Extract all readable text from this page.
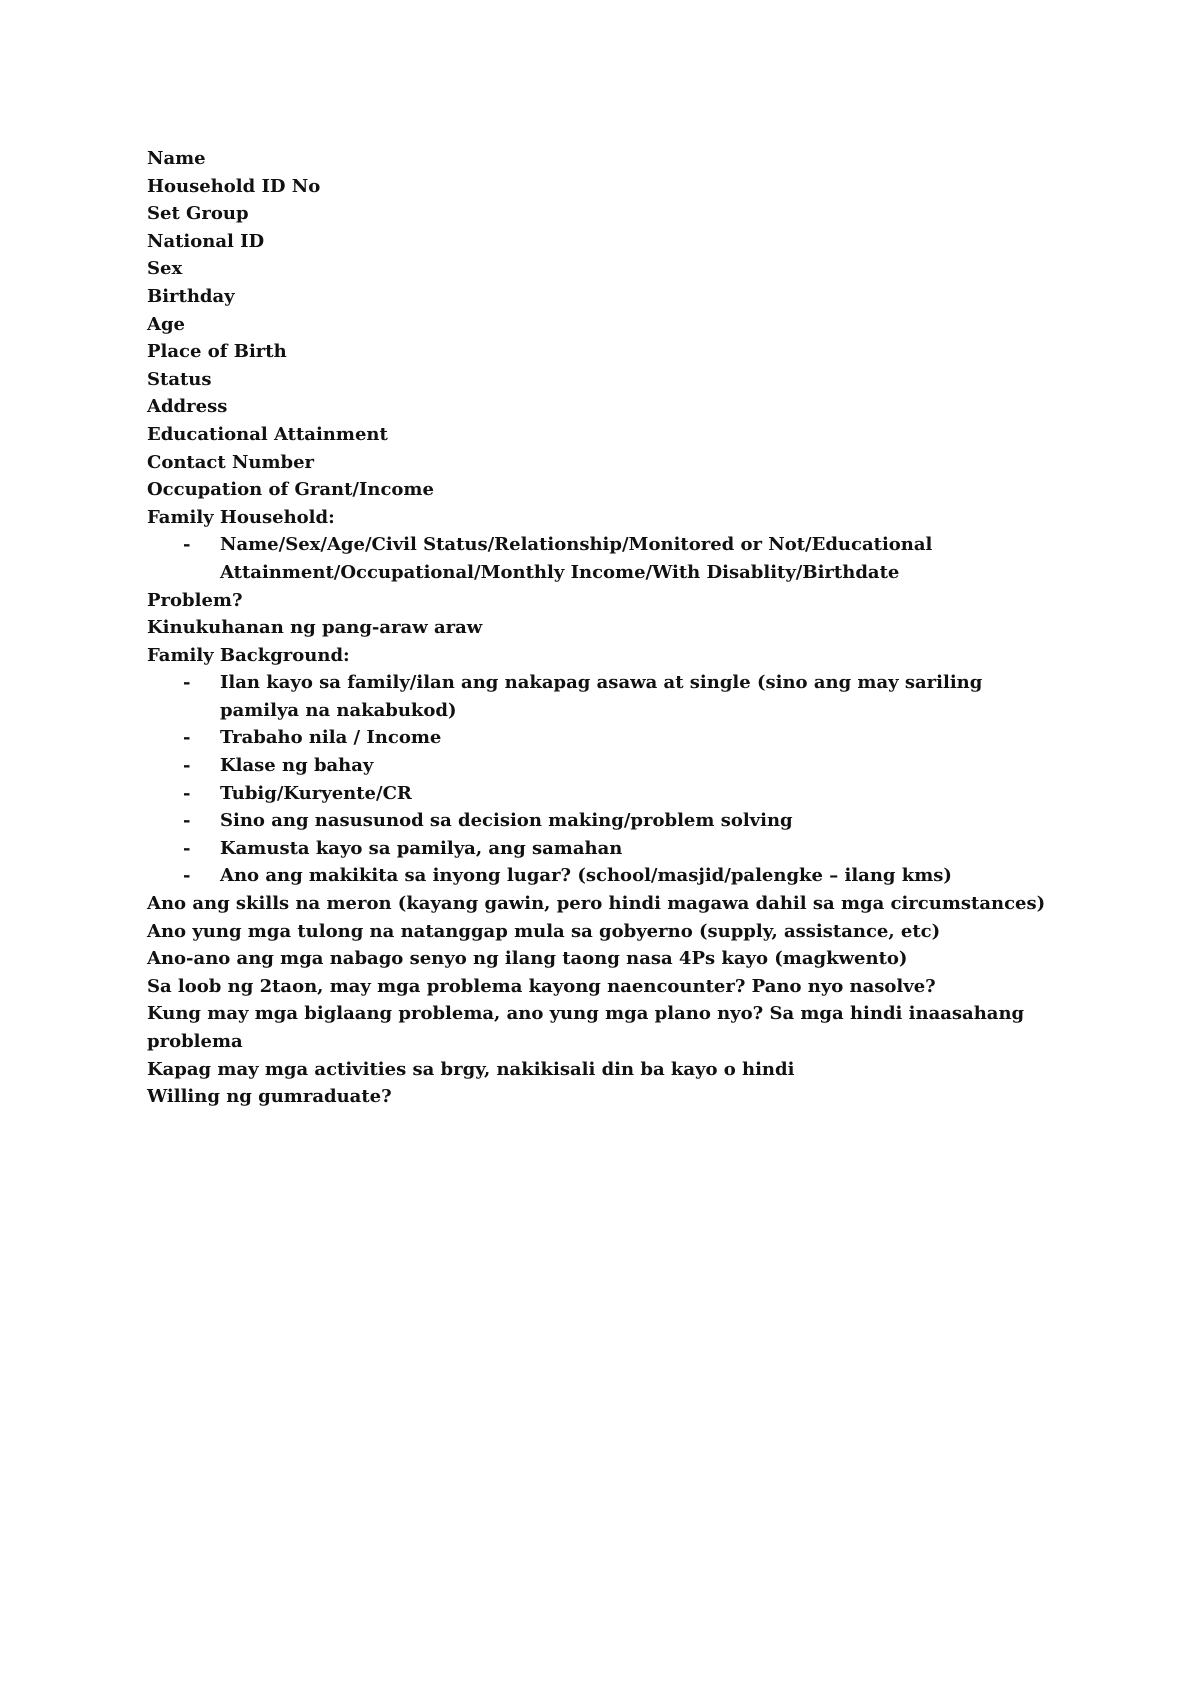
Name

Household ID No

Set Group

National ID

Sex

Birthday

Age

Place of Birth

Status

Address

Educational Attainment

Contact Number

Occupation of Grant/Income

Family Household:

-	Name/Sex/Age/Civil Status/Relationship/Monitored or Not/Educational Attainment/Occupational/Monthly Income/With Disablity/Birthdate

Problem?

Kinukuhanan ng pang-araw araw

Family Background:

-	Ilan kayo sa family/ilan ang nakapag asawa at single (sino ang may sariling pamilya na nakabukod)
-	Trabaho nila / Income
-	Klase ng bahay
-	Tubig/Kuryente/CR
-	Sino ang nasusunod sa decision making/problem solving
-	Kamusta kayo sa pamilya, ang samahan
-	Ano ang makikita sa inyong lugar? (school/masjid/palengke – ilang kms)

Ano ang skills na meron (kayang gawin, pero hindi magawa dahil sa mga circumstances)

Ano yung mga tulong na natanggap mula sa gobyerno (supply, assistance, etc)

Ano-ano ang mga nabago senyo ng ilang taong nasa 4Ps kayo (magkwento)

Sa loob ng 2taon, may mga problema kayong naencounter? Pano nyo nasolve?

Kung may mga biglaang problema, ano yung mga plano nyo? Sa mga hindi inaasahang problema

Kapag may mga activities sa brgy, nakikisali din ba kayo o hindi

Willing ng gumraduate?
